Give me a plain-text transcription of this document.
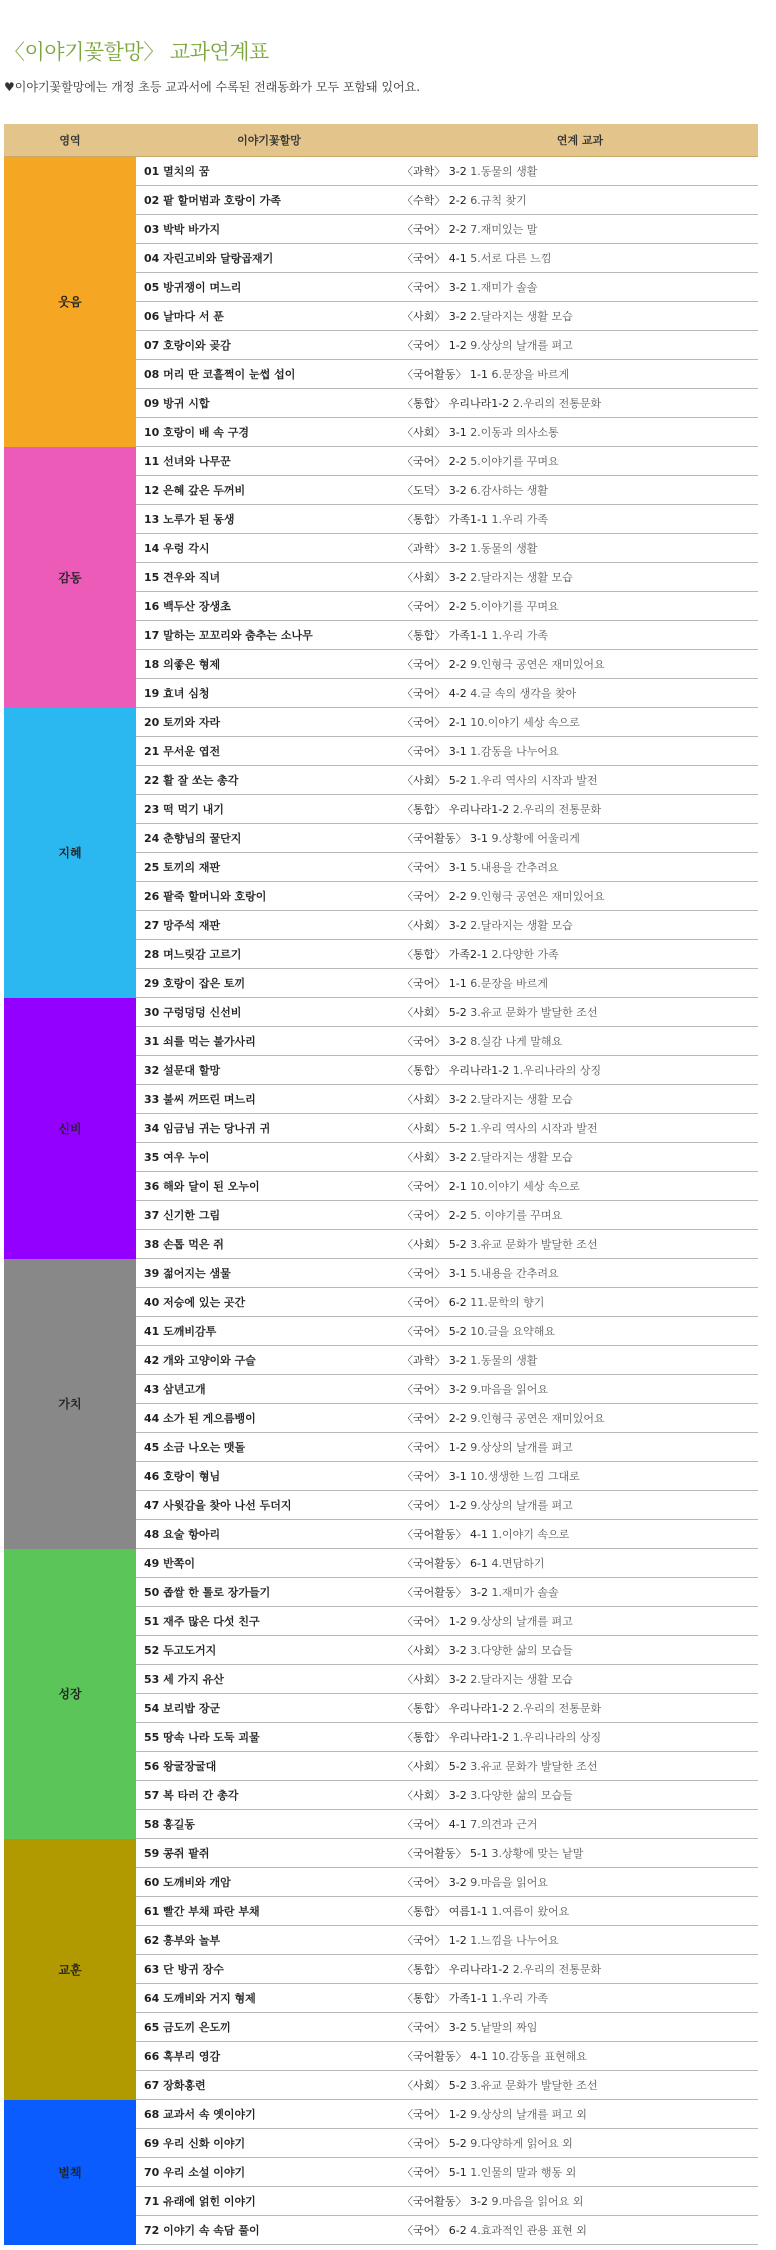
〈이야기꽃할망〉 교과연계표
♥이야기꽃할망에는 개정 초등 교과서에 수록된 전래동화가 모두 포함돼 있어요.
영역	이야기꽃할망	연계 교과
웃음	01 멸치의 꿈	〈과학〉 3-2 1.동물의 생활
	02 팥 할머범과 호랑이 가족	〈수학〉 2-2 6.규칙 찾기
	03 박박 바가지	〈국어〉 2-2 7.재미있는 말
	04 자린고비와 달랑곱재기	〈국어〉 4-1 5.서로 다른 느낌
	05 방귀쟁이 며느리	〈국어〉 3-2 1.재미가 솔솔
	06 날마다 서 푼	〈사회〉 3-2 2.달라지는 생활 모습
	07 호랑이와 곶감	〈국어〉 1-2 9.상상의 날개를 펴고
	08 머리 딴 코흘쩍이 눈썹 섭이	〈국어활동〉 1-1 6.문장을 바르게
	09 방귀 시합	〈통합〉 우리나라1-2 2.우리의 전통문화
	10 호랑이 배 속 구경	〈사회〉 3-1 2.이동과 의사소통
감동	11 선녀와 나무꾼	〈국어〉 2-2 5.이야기를 꾸며요
	12 은혜 갚은 두꺼비	〈도덕〉 3-2 6.감사하는 생활
	13 노루가 된 동생	〈통합〉 가족1-1 1.우리 가족
	14 우렁 각시	〈과학〉 3-2 1.동물의 생활
	15 견우와 직녀	〈사회〉 3-2 2.달라지는 생활 모습
	16 백두산 장생초	〈국어〉 2-2 5.이야기를 꾸며요
	17 말하는 꼬꼬리와 춤추는 소나무	〈통합〉 가족1-1 1.우리 가족
	18 의좋은 형제	〈국어〉 2-2 9.인형극 공연은 재미있어요
	19 효녀 심청	〈국어〉 4-2 4.글 속의 생각을 찾아
지혜	20 토끼와 자라	〈국어〉 2-1 10.이야기 세상 속으로
	21 무서운 엽전	〈국어〉 3-1 1.감동을 나누어요
	22 활 잘 쏘는 총각	〈사회〉 5-2 1.우리 역사의 시작과 발전
	23 떡 먹기 내기	〈통합〉 우리나라1-2 2.우리의 전통문화
	24 춘향님의 꿀단지	〈국어활동〉 3-1 9.상황에 어울리게
	25 토끼의 재판	〈국어〉 3-1 5.내용을 간추려요
	26 팥죽 할머니와 호랑이	〈국어〉 2-2 9.인형극 공연은 재미있어요
	27 망주석 재판	〈사회〉 3-2 2.달라지는 생활 모습
	28 며느릿감 고르기	〈통합〉 가족2-1 2.다양한 가족
	29 호랑이 잡은 토끼	〈국어〉 1-1 6.문장을 바르게
신비	30 구렁덩덩 신선비	〈사회〉 5-2 3.유교 문화가 발달한 조선
	31 쇠를 먹는 불가사리	〈국어〉 3-2 8.실감 나게 말해요
	32 설문대 할망	〈통합〉 우리나라1-2 1.우리나라의 상징
	33 불씨 꺼뜨린 며느리	〈사회〉 3-2 2.달라지는 생활 모습
	34 임금님 귀는 당나귀 귀	〈사회〉 5-2 1.우리 역사의 시작과 발전
	35 여우 누이	〈사회〉 3-2 2.달라지는 생활 모습
	36 해와 달이 된 오누이	〈국어〉 2-1 10.이야기 세상 속으로
	37 신기한 그림	〈국어〉 2-2 5. 이야기를 꾸며요
	38 손톱 먹은 쥐	〈사회〉 5-2 3.유교 문화가 발달한 조선
가치	39 젊어지는 샘물	〈국어〉 3-1 5.내용을 간추려요
	40 저승에 있는 곳간	〈국어〉 6-2 11.문학의 향기
	41 도깨비감투	〈국어〉 5-2 10.글을 요약해요
	42 개와 고양이와 구슬	〈과학〉 3-2 1.동물의 생활
	43 삼년고개	〈국어〉 3-2 9.마음을 읽어요
	44 소가 된 게으름뱅이	〈국어〉 2-2 9.인형극 공연은 재미있어요
	45 소금 나오는 맷돌	〈국어〉 1-2 9.상상의 날개를 펴고
	46 호랑이 형님	〈국어〉 3-1 10.생생한 느낌 그대로
	47 사윗감을 찾아 나선 두더지	〈국어〉 1-2 9.상상의 날개를 펴고
	48 요술 항아리	〈국어활동〉 4-1 1.이야기 속으로
성장	49 반쪽이	〈국어활동〉 6-1 4.면담하기
	50 좁쌀 한 톨로 장가들기	〈국어활동〉 3-2 1.재미가 솔솔
	51 재주 많은 다섯 친구	〈국어〉 1-2 9.상상의 날개를 펴고
	52 두고도거지	〈사회〉 3-2 3.다양한 삶의 모습들
	53 세 가지 유산	〈사회〉 3-2 2.달라지는 생활 모습
	54 보리밥 장군	〈통합〉 우리나라1-2 2.우리의 전통문화
	55 땅속 나라 도둑 괴물	〈통합〉 우리나라1-2 1.우리나라의 상징
	56 왕굴장굴대	〈사회〉 5-2 3.유교 문화가 발달한 조선
	57 복 타러 간 총각	〈사회〉 3-2 3.다양한 삶의 모습들
	58 홍길동	〈국어〉 4-1 7.의견과 근거
교훈	59 콩쥐 팥쥐	〈국어활동〉 5-1 3.상황에 맞는 낱말
	60 도깨비와 개암	〈국어〉 3-2 9.마음을 읽어요
	61 빨간 부채 파란 부채	〈통합〉 여름1-1 1.여름이 왔어요
	62 흥부와 놀부	〈국어〉 1-2 1.느낌을 나누어요
	63 단 방귀 장수	〈통합〉 우리나라1-2 2.우리의 전통문화
	64 도깨비와 거지 형제	〈통합〉 가족1-1 1.우리 가족
	65 금도끼 은도끼	〈국어〉 3-2 5.낱말의 짜임
	66 혹부리 영감	〈국어활동〉 4-1 10.감동을 표현해요
	67 장화홍련	〈사회〉 5-2 3.유교 문화가 발달한 조선
별책	68 교과서 속 옛이야기	〈국어〉 1-2 9.상상의 날개를 펴고 외
	69 우리 신화 이야기	〈국어〉 5-2 9.다양하게 읽어요 외
	70 우리 소설 이야기	〈국어〉 5-1 1.인물의 말과 행동 외
	71 유래에 얽힌 이야기	〈국어활동〉 3-2 9.마음을 읽어요 외
	72 이야기 속 속담 풀이	〈국어〉 6-2 4.효과적인 관용 표현 외
